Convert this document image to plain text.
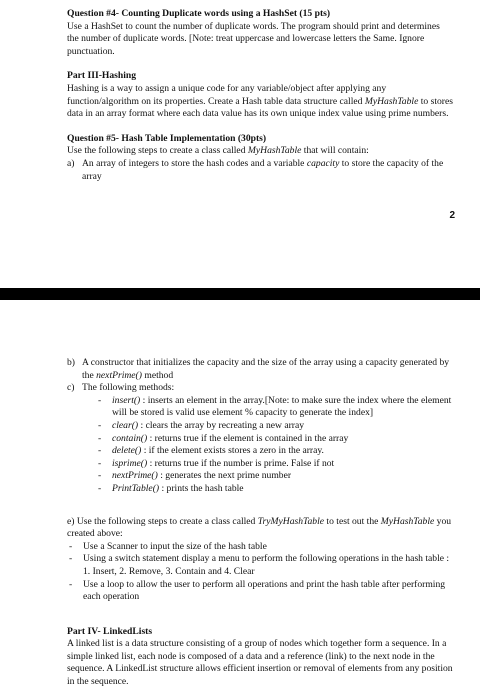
Question #4- Counting Duplicate words using a HashSet (15 pts)

Use a HashSet to count the number of duplicate words. The program should print and determines the number of duplicate words. [Note: treat uppercase and lowercase letters the Same. Ignore punctuation.

Part III-Hashing

Hashing is a way to assign a unique code for any variable/object after applying any function/algorithm on its properties. Create a Hash table data structure called MyHashTable to stores data in an array format where each data value has its own unique index value using prime numbers.

Question #5- Hash Table Implementation (30pts)

Use the following steps to create a class called MyHashTable that will contain:

a) An array of integers to store the hash codes and a variable capacity to store the capacity of the array
2
b) A constructor that initializes the capacity and the size of the array using a capacity generated by the nextPrime() method
c) The following methods:
-	insert() : inserts an element in the array.[Note: to make sure the index where the element will be stored is valid use element % capacity to generate the index]
-	clear() : clears the array by recreating a new array
-	contain() : returns true if the element is contained in the array
-	delete() : if the element exists stores a zero in the array.
-	isprime() : returns true if the number is prime. False if not
-	nextPrime() : generates the next prime number
-	PrintTable() : prints the hash table

e) Use the following steps to create a class called TryMyHashTable to test out the MyHashTable you created above:

-	Use a Scanner to input the size of the hash table
-	Using a switch statement display a menu to perform the following operations in the hash table : 1. Insert, 2. Remove, 3. Contain and 4. Clear
-	Use a loop to allow the user to perform all operations and print the hash table after performing each operation

Part IV- LinkedLists

A linked list is a data structure consisting of a group of nodes which together form a sequence. In a simple linked list, each node is composed of a data and a reference (link) to the next node in the sequence. A LinkedList structure allows efficient insertion or removal of elements from any position in the sequence.
